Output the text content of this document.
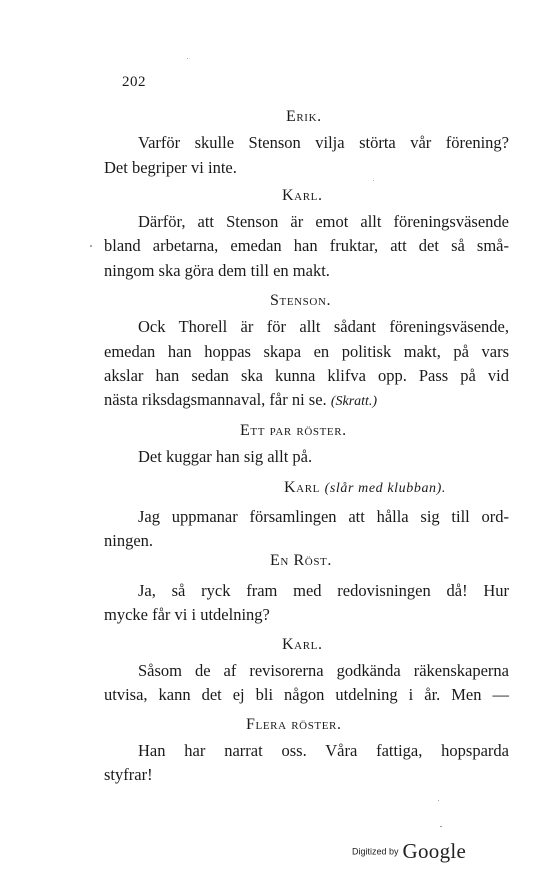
202
Erik.
Varför skulle Stenson vilja störta vår förening?
Det begriper vi inte.
Karl.
Därför, att Stenson är emot allt föreningsväsende
bland arbetarna, emedan han fruktar, att det så små-
ningom ska göra dem till en makt.
Stenson.
Ock Thorell är för allt sådant föreningsväsende,
emedan han hoppas skapa en politisk makt, på vars
akslar han sedan ska kunna klifva opp. Pass på vid
nästa riksdagsmannaval, får ni se. (Skratt.)
Ett par röster.
Det kuggar han sig allt på.
Karl (slår med klubban).
Jag uppmanar församlingen att hålla sig till ord-
ningen.
En Röst.
Ja, så ryck fram med redovisningen då! Hur
mycke får vi i utdelning?
Karl.
Såsom de af revisorerna godkända räkenskaperna
utvisa, kann det ej bli någon utdelning i år. Men —
Flera röster.
Han har narrat oss. Våra fattiga, hopsparda
styfrar!
Digitized by Google
